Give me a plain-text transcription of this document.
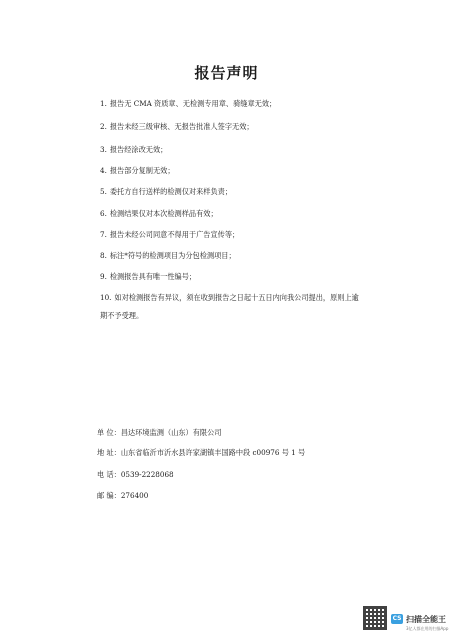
报告声明
1. 报告无 CMA 资质章、无检测专用章、骑缝章无效；
2. 报告未经三级审核、无报告批准人签字无效；
3. 报告经涂改无效；
4. 报告部分复制无效；
5. 委托方自行送样的检测仅对来样负责；
6. 检测结果仅对本次检测样品有效；
7. 报告未经公司同意不得用于广告宣传等；
8. 标注*符号的检测项目为分包检测项目；
9. 检测报告具有唯一性编号；
10. 如对检测报告有异议，须在收到报告之日起十五日内向我公司提出，原则上逾
期不予受理。
单 位：昌达环境监测（山东）有限公司
地 址：山东省临沂市沂水县许家湖镇丰国路中段 c00976 号 1 号
电 话：0539-2228068
邮 编：276400
CS 扫描全能王
3亿人都在用的扫描App
